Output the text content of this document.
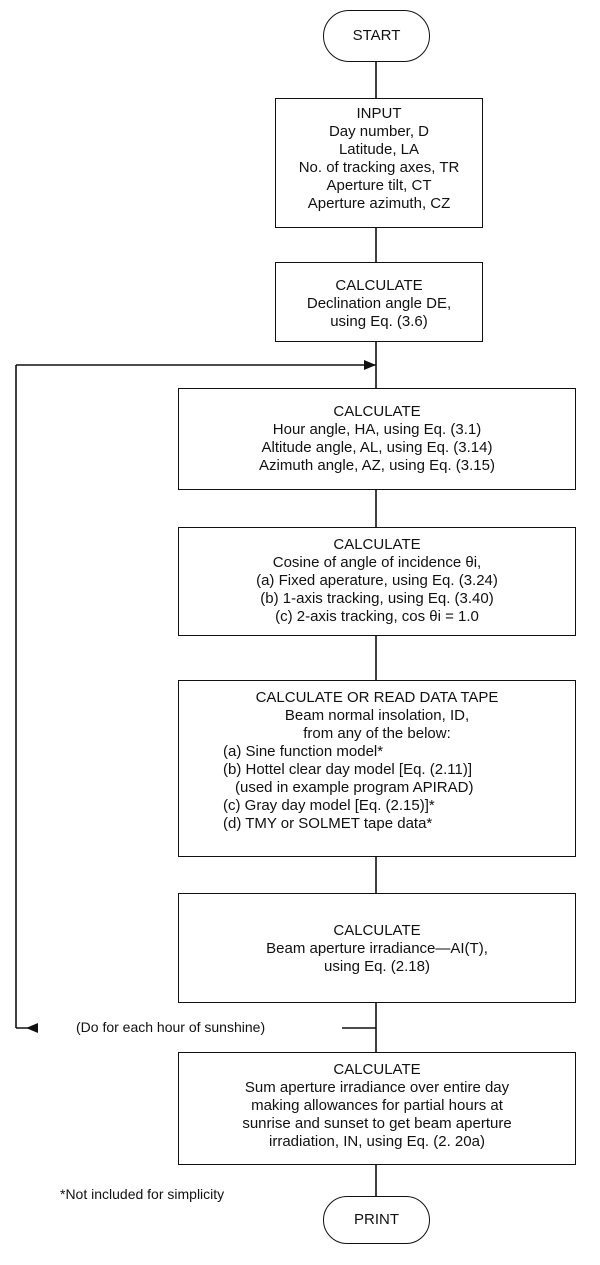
START
INPUT
Day number, D
Latitude, LA
No. of tracking axes, TR
Aperture tilt, CT
Aperture azimuth, CZ
CALCULATE
Declination angle DE,
using Eq. (3.6)
CALCULATE
Hour angle, HA, using Eq. (3.1)
Altitude angle, AL, using Eq. (3.14)
Azimuth angle, AZ, using Eq. (3.15)
CALCULATE
Cosine of angle of incidence θi,
(a) Fixed aperature, using Eq. (3.24)
(b) 1-axis tracking, using Eq. (3.40)
(c) 2-axis tracking, cos θi = 1.0
CALCULATE OR READ DATA TAPE
Beam normal insolation, ID,
from any of the below:
(a) Sine function model*
(b) Hottel clear day model [Eq. (2.11)]
(used in example program APIRAD)
(c) Gray day model [Eq. (2.15)]*
(d) TMY or SOLMET tape data*
CALCULATE
Beam aperture irradiance—AI(T),
using Eq. (2.18)
(Do for each hour of sunshine)
CALCULATE
Sum aperture irradiance over entire day
making allowances for partial hours at
sunrise and sunset to get beam aperture
irradiation, IN, using Eq. (2. 20a)
*Not included for simplicity
PRINT
